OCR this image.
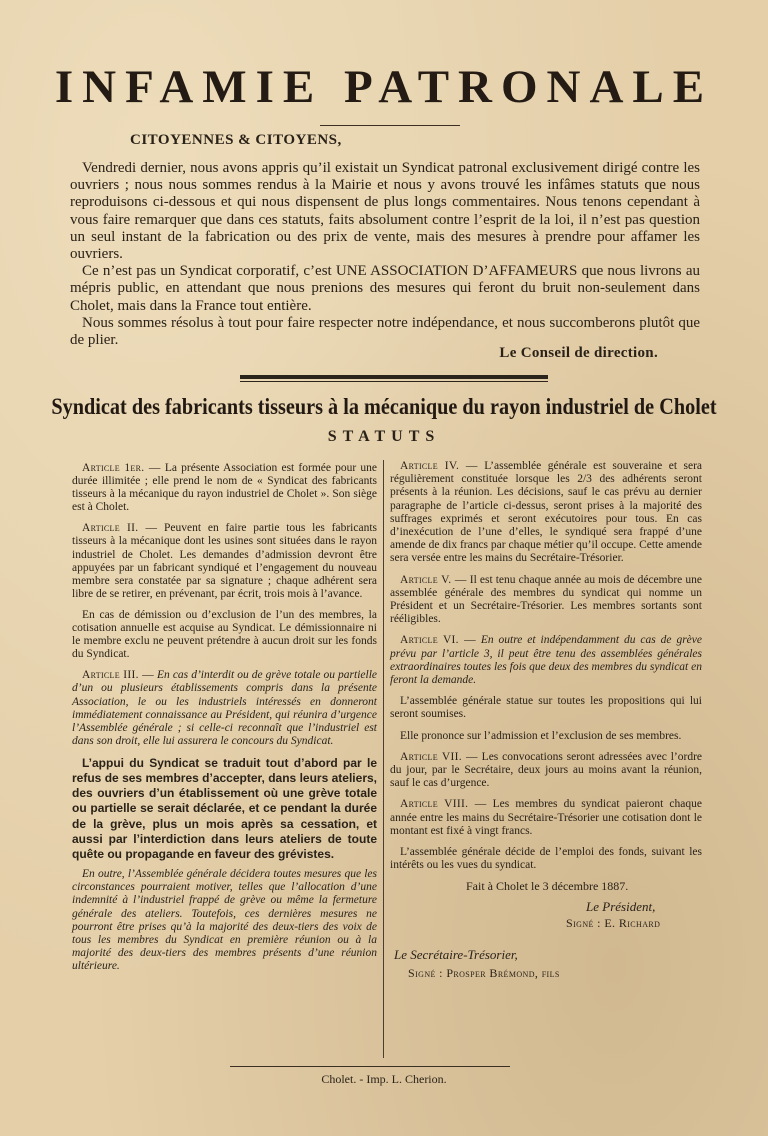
INFAMIE PATRONALE
CITOYENNES & CITOYENS,

Vendredi dernier, nous avons appris qu’il existait un Syndicat patronal exclusivement dirigé contre les ouvriers ; nous nous sommes rendus à la Mairie et nous y avons trouvé les infâmes statuts que nous reproduisons ci-dessous et qui nous dispensent de plus longs commentaires. Nous tenons cependant à vous faire remarquer que dans ces statuts, faits absolument contre l’esprit de la loi, il n’est pas question un seul instant de la fabrication ou des prix de vente, mais des mesures à prendre pour affamer les ouvriers.

Ce n’est pas un Syndicat corporatif, c’est UNE ASSOCIATION D’AFFAMEURS que nous livrons au mépris public, en attendant que nous prenions des mesures qui feront du bruit non-seulement dans Cholet, mais dans la France tout entière.

Nous sommes résolus à tout pour faire respecter notre indépendance, et nous succomberons plutôt que de plier.

Le Conseil de direction.
Syndicat des fabricants tisseurs à la mécanique du rayon industriel de Cholet
STATUTS

Article 1er. — La présente Association est formée pour une durée illimitée ; elle prend le nom de « Syndicat des fabricants tisseurs à la mécanique du rayon industriel de Cholet ». Son siège est à Cholet.

Article II. — Peuvent en faire partie tous les fabricants tisseurs à la mécanique dont les usines sont situées dans le rayon industriel de Cholet. Les demandes d’admission devront être appuyées par un fabricant syndiqué et l’engagement du nouveau membre sera constatée par sa signature ; chaque adhérent sera libre de se retirer, en prévenant, par écrit, trois mois à l’avance.

En cas de démission ou d’exclusion de l’un des membres, la cotisation annuelle est acquise au Syndicat. Le démissionnaire ni le membre exclu ne peuvent prétendre à aucun droit sur les fonds du Syndicat.

Article III. — En cas d’interdit ou de grève totale ou partielle d’un ou plusieurs établissements compris dans la présente Association, le ou les industriels intéressés en donneront immédiatement connaissance au Président, qui réunira d’urgence l’Assemblée générale ; si celle-ci reconnaît que l’industriel est dans son droit, elle lui assurera le concours du Syndicat.

L’appui du Syndicat se traduit tout d’abord par le refus de ses membres d’accepter, dans leurs ateliers, des ouvriers d’un établissement où une grève totale ou partielle se serait déclarée, et ce pendant la durée de la grève, plus un mois après sa cessation, et aussi par l’interdiction dans leurs ateliers de toute quête ou propagande en faveur des grévistes.

En outre, l’Assemblée générale décidera toutes mesures que les circonstances pourraient motiver, telles que l’allocation d’une indemnité à l’industriel frappé de grève ou même la fermeture générale des ateliers. Toutefois, ces dernières mesures ne pourront être prises qu’à la majorité des deux-tiers des voix de tous les membres du Syndicat en première réunion ou à la majorité des deux-tiers des membres présents d’une réunion ultérieure.

Article IV. — L’assemblée générale est souveraine et sera régulièrement constituée lorsque les 2/3 des adhérents seront présents à la réunion. Les décisions, sauf le cas prévu au dernier paragraphe de l’article ci-dessus, seront prises à la majorité des suffrages exprimés et seront exécutoires pour tous. En cas d’inexécution de l’une d’elles, le syndiqué sera frappé d’une amende de dix francs par chaque métier qu’il occupe. Cette amende sera versée entre les mains du Secrétaire-Trésorier.

Article V. — Il est tenu chaque année au mois de décembre une assemblée générale des membres du syndicat qui nomme un Président et un Secrétaire-Trésorier. Les membres sortants sont rééligibles.

Article VI. — En outre et indépendamment du cas de grève prévu par l’article 3, il peut être tenu des assemblées générales extraordinaires toutes les fois que deux des membres du syndicat en feront la demande.

L’assemblée générale statue sur toutes les propositions qui lui seront soumises.

Elle prononce sur l’admission et l’exclusion de ses membres.

Article VII. — Les convocations seront adressées avec l’ordre du jour, par le Secrétaire, deux jours au moins avant la réunion, sauf le cas d’urgence.

Article VIII. — Les membres du syndicat paieront chaque année entre les mains du Secrétaire-Trésorier une cotisation dont le montant est fixé à vingt francs.

L’assemblée générale décide de l’emploi des fonds, suivant les intérêts ou les vues du syndicat.

Fait à Cholet le 3 décembre 1887.
Le Président,
Signé : E. Richard
Le Secrétaire-Trésorier,
Signé : Prosper Brémond, fils
Cholet. - Imp. L. Cherion.
